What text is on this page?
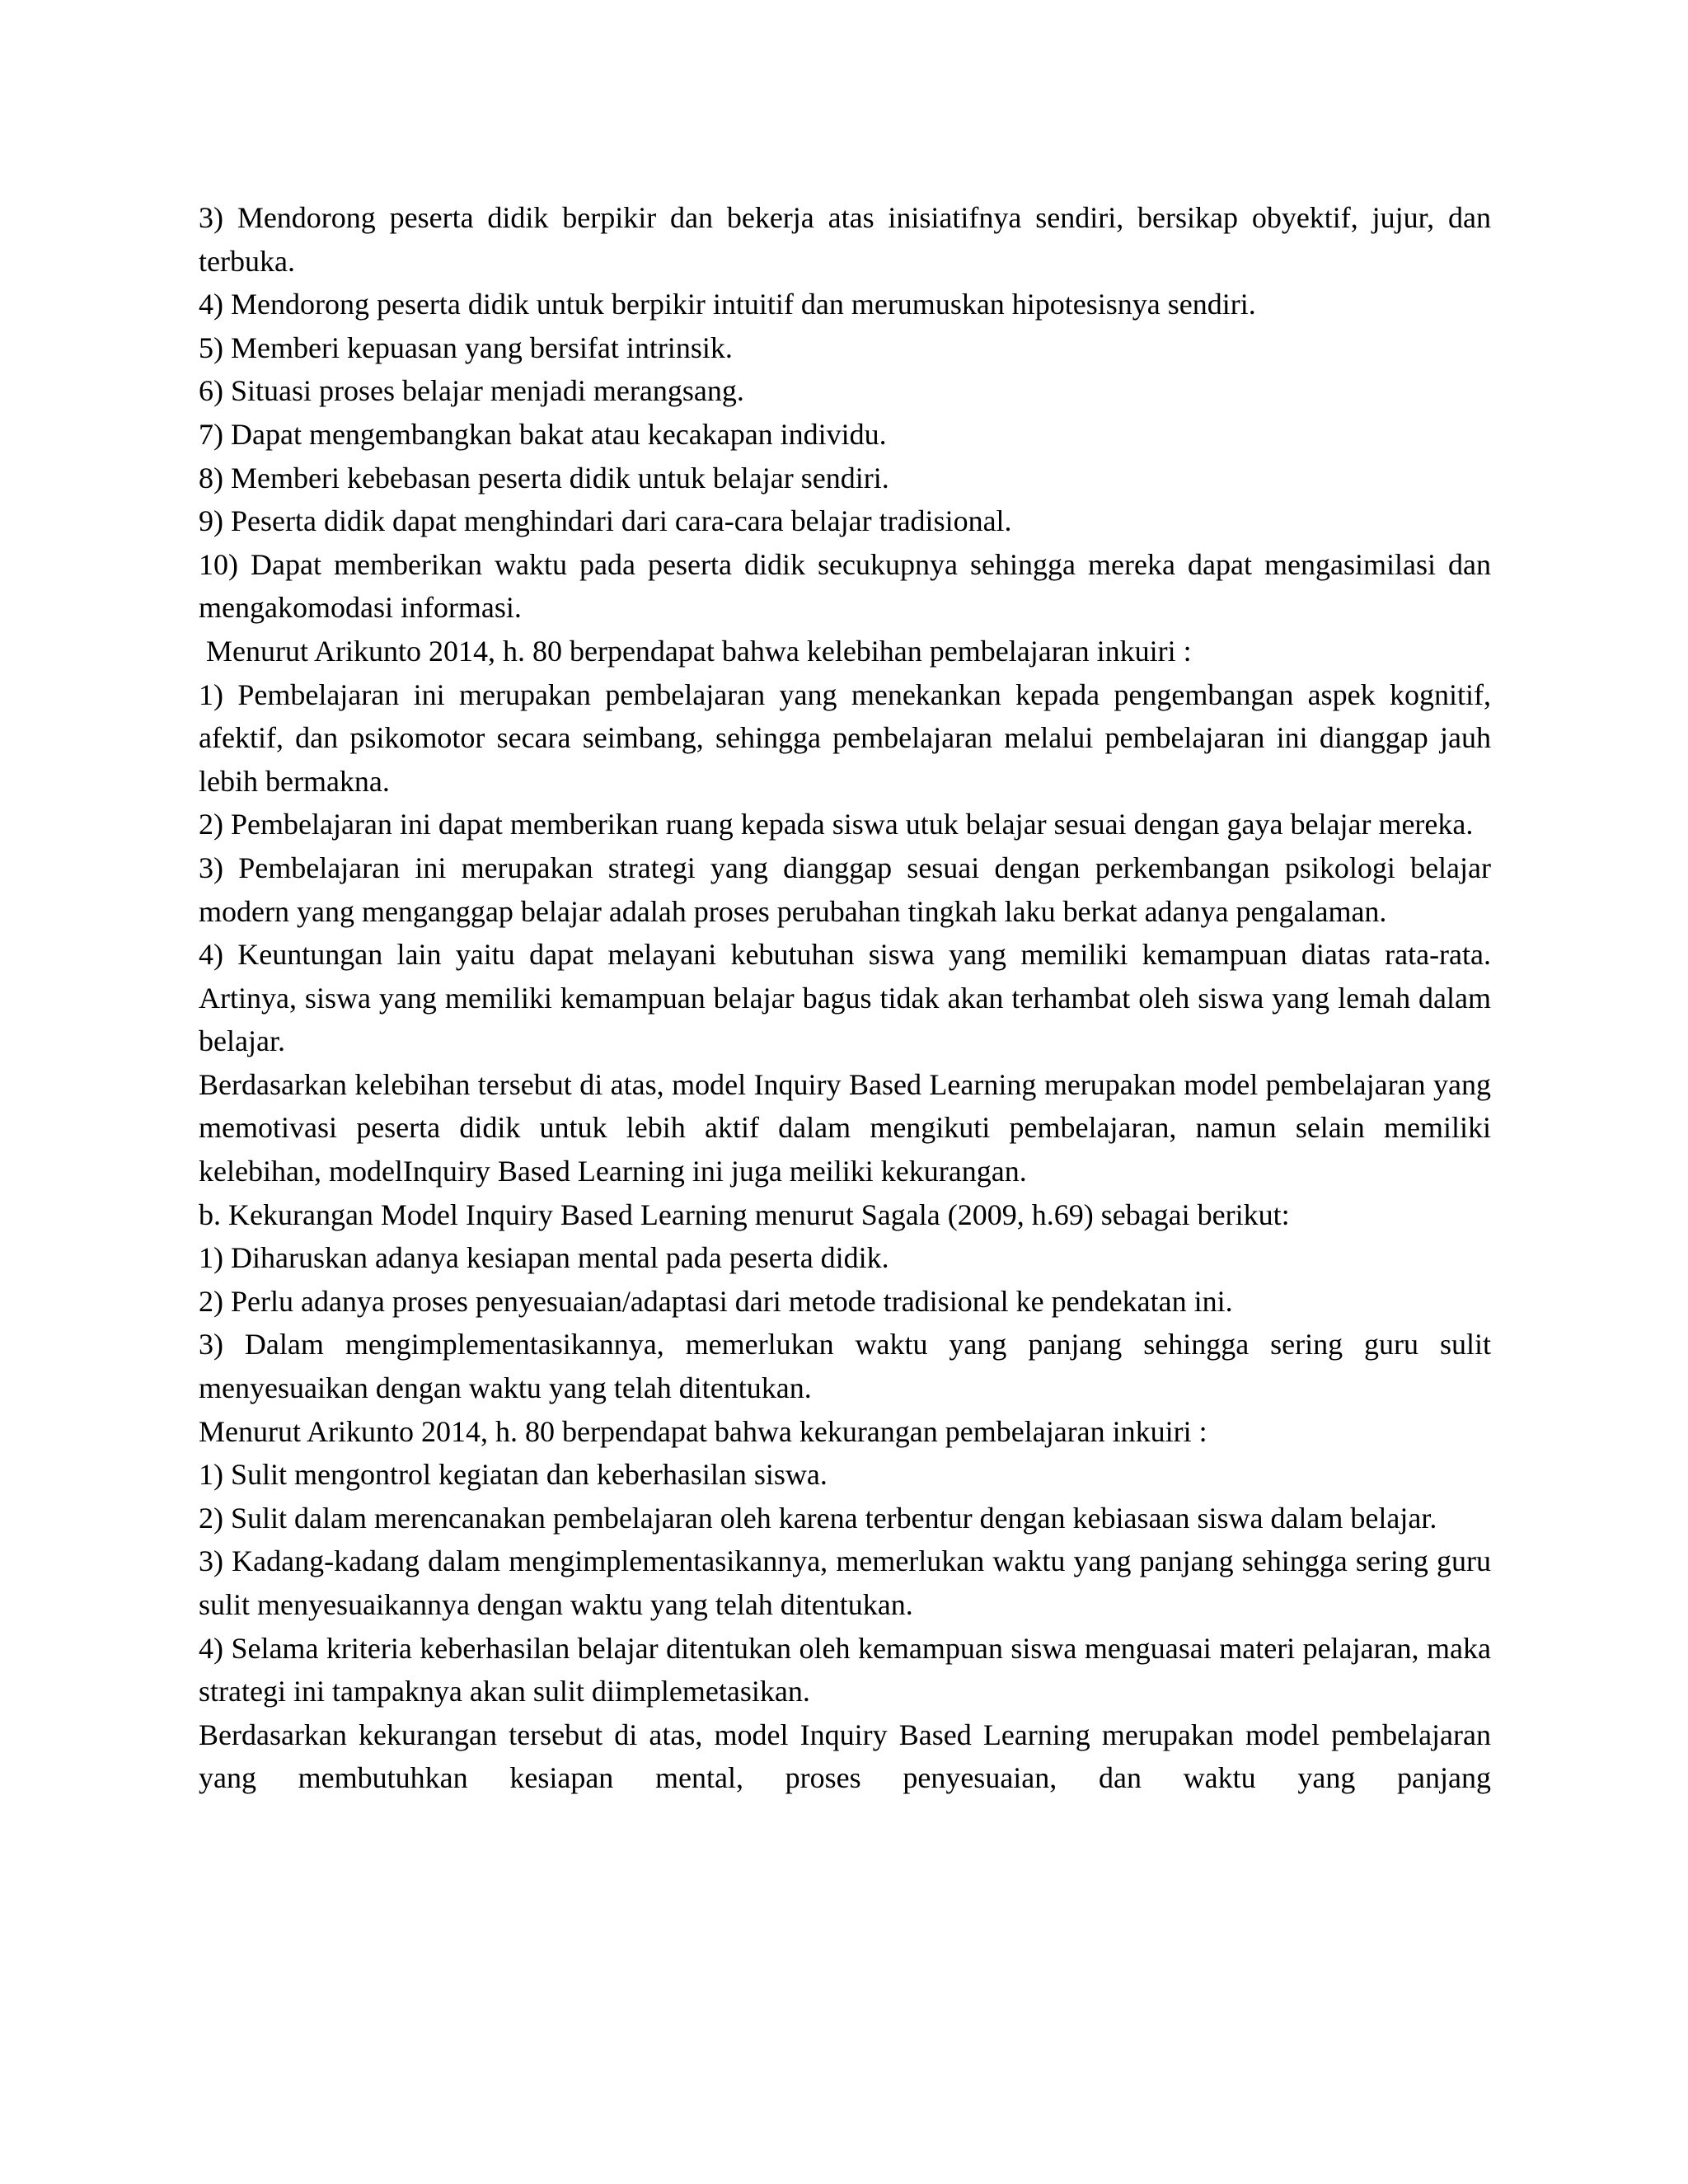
3) Mendorong peserta didik berpikir dan bekerja atas inisiatifnya sendiri, bersikap obyektif, jujur, dan terbuka.

4) Mendorong peserta didik untuk berpikir intuitif dan merumuskan hipotesisnya sendiri.

5) Memberi kepuasan yang bersifat intrinsik.

6) Situasi proses belajar menjadi merangsang.

7) Dapat mengembangkan bakat atau kecakapan individu.

8) Memberi kebebasan peserta didik untuk belajar sendiri.

9) Peserta didik dapat menghindari dari cara-cara belajar tradisional.

10) Dapat memberikan waktu pada peserta didik secukupnya sehingga mereka dapat mengasimilasi dan mengakomodasi informasi.

Menurut Arikunto 2014, h. 80 berpendapat bahwa kelebihan pembelajaran inkuiri :

1) Pembelajaran ini merupakan pembelajaran yang menekankan kepada pengembangan aspek kognitif, afektif, dan psikomotor secara seimbang, sehingga pembelajaran melalui pembelajaran ini dianggap jauh lebih bermakna.

2) Pembelajaran ini dapat memberikan ruang kepada siswa utuk belajar sesuai dengan gaya belajar mereka.

3) Pembelajaran ini merupakan strategi yang dianggap sesuai dengan perkembangan psikologi belajar modern yang menganggap belajar adalah proses perubahan tingkah laku berkat adanya pengalaman.

4) Keuntungan lain yaitu dapat melayani kebutuhan siswa yang memiliki kemampuan diatas rata-rata. Artinya, siswa yang memiliki kemampuan belajar bagus tidak akan terhambat oleh siswa yang lemah dalam belajar.

Berdasarkan kelebihan tersebut di atas, model Inquiry Based Learning merupakan model pembelajaran yang memotivasi peserta didik untuk lebih aktif dalam mengikuti pembelajaran, namun selain memiliki kelebihan, modelInquiry Based Learning ini juga meiliki kekurangan.

b. Kekurangan Model Inquiry Based Learning menurut Sagala (2009, h.69) sebagai berikut:

1) Diharuskan adanya kesiapan mental pada peserta didik.

2) Perlu adanya proses penyesuaian/adaptasi dari metode tradisional ke pendekatan ini.

3) Dalam mengimplementasikannya, memerlukan waktu yang panjang sehingga sering guru sulit menyesuaikan dengan waktu yang telah ditentukan.

Menurut Arikunto 2014, h. 80 berpendapat bahwa kekurangan pembelajaran inkuiri :

1) Sulit mengontrol kegiatan dan keberhasilan siswa.

2) Sulit dalam merencanakan pembelajaran oleh karena terbentur dengan kebiasaan siswa dalam belajar.

3) Kadang-kadang dalam mengimplementasikannya, memerlukan waktu yang panjang sehingga sering guru sulit menyesuaikannya dengan waktu yang telah ditentukan.

4) Selama kriteria keberhasilan belajar ditentukan oleh kemampuan siswa menguasai materi pelajaran, maka strategi ini tampaknya akan sulit diimplemetasikan.

Berdasarkan kekurangan tersebut di atas, model Inquiry Based Learning merupakan model pembelajaran yang membutuhkan kesiapan mental, proses penyesuaian, dan waktu yang panjang
